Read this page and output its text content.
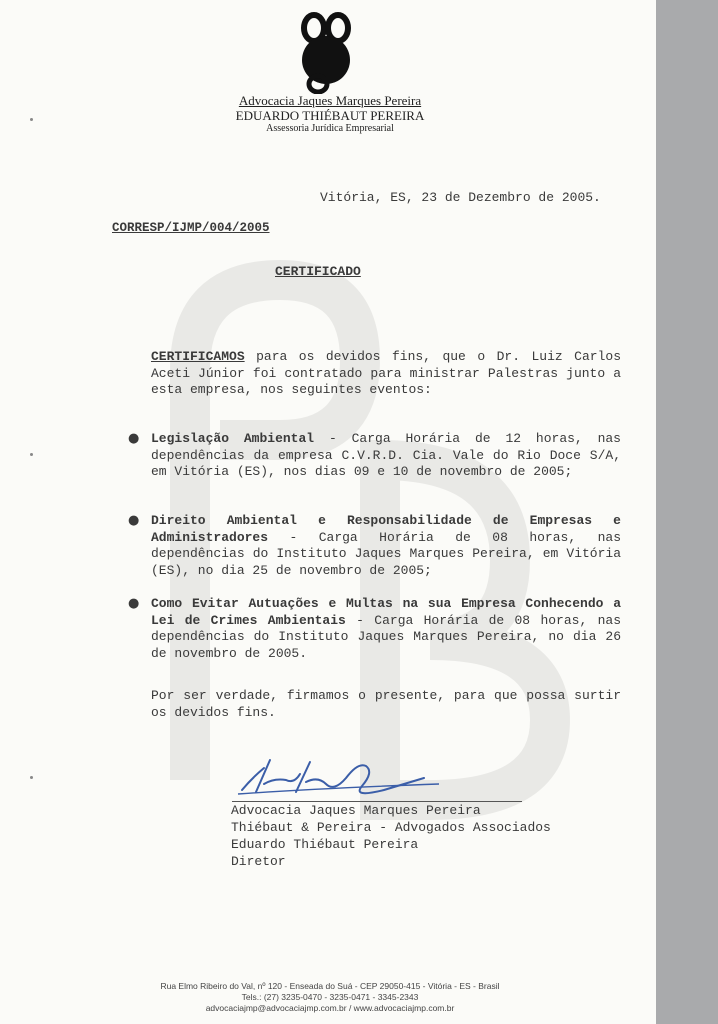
Advocacia Jaques Marques Pereira
EDUARDO THIÉBAUT PEREIRA
Assessoria Jurídica Empresarial
Vitória, ES, 23 de Dezembro de 2005.
CORRESP/IJMP/004/2005
CERTIFICADO
CERTIFICAMOS para os devidos fins, que o Dr. Luiz Carlos Aceti Júnior foi contratado para ministrar Palestras junto a esta empresa, nos seguintes eventos:
● Legislação Ambiental - Carga Horária de 12 horas, nas dependências da empresa C.V.R.D. Cia. Vale do Rio Doce S/A, em Vitória (ES), nos dias 09 e 10 de novembro de 2005;
● Direito Ambiental e Responsabilidade de Empresas e Administradores - Carga Horária de 08 horas, nas dependências do Instituto Jaques Marques Pereira, em Vitória (ES), no dia 25 de novembro de 2005;
● Como Evitar Autuações e Multas na sua Empresa Conhecendo a Lei de Crimes Ambientais - Carga Horária de 08 horas, nas dependências do Instituto Jaques Marques Pereira, no dia 26 de novembro de 2005.
Por ser verdade, firmamos o presente, para que possa surtir os devidos fins.
Advocacia Jaques Marques Pereira
Thiébaut & Pereira - Advogados Associados
Eduardo Thiébaut Pereira
Diretor
Rua Elmo Ribeiro do Val, nº 120 - Enseada do Suá - CEP 29050-415 - Vitória - ES - Brasil
Tels.: (27) 3235-0470 - 3235-0471 - 3345-2343
advocaciajmp@advocaciajmp.com.br / www.advocaciajmp.com.br
